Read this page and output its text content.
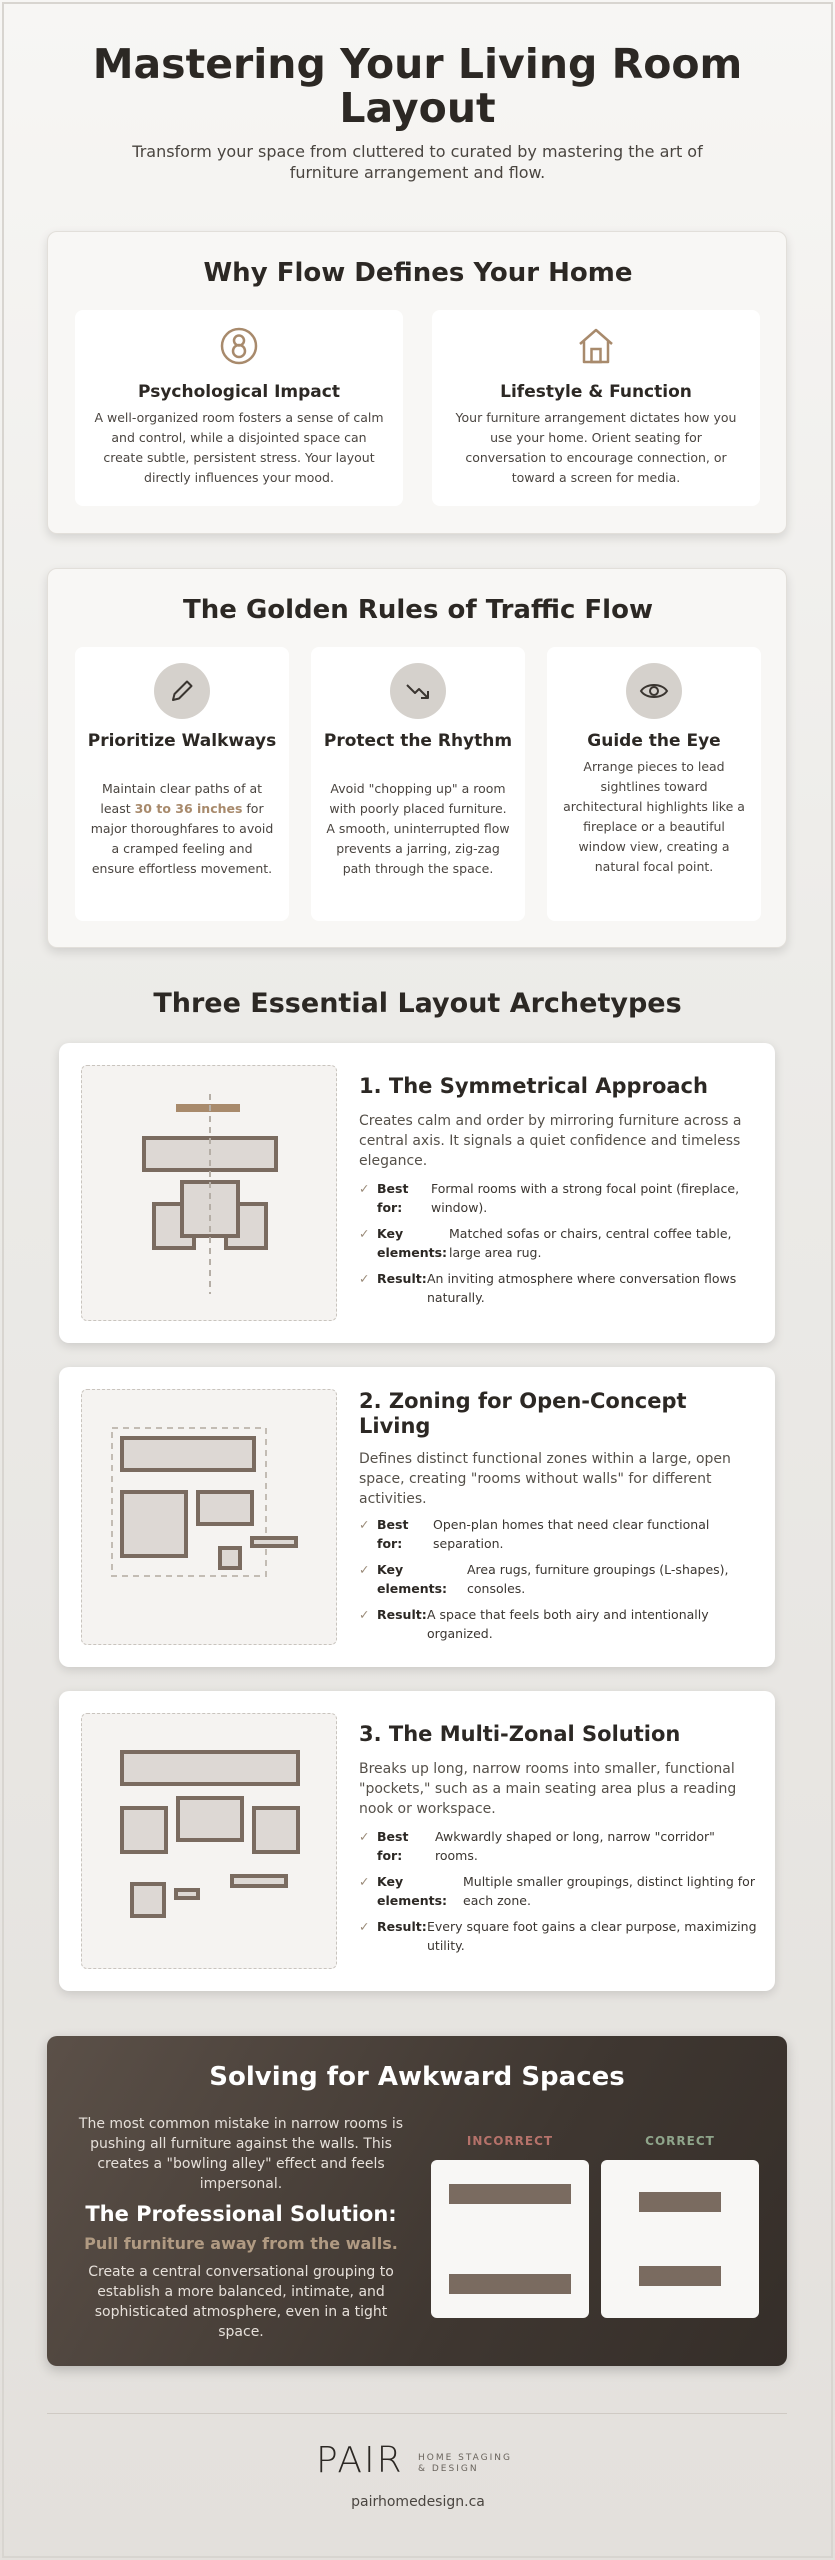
Mastering Your Living Room Layout

Transform your space from cluttered to curated by mastering the art of furniture arrangement and flow.

Why Flow Defines Your Home
Psychological Impact

A well-organized room fosters a sense of calm and control, while a disjointed space can create subtle, persistent stress. Your layout directly influences your mood.

Lifestyle & Function

Your furniture arrangement dictates how you use your home. Orient seating for conversation to encourage connection, or toward a screen for media.

The Golden Rules of Traffic Flow
Prioritize Walkways

Maintain clear paths of at least 30 to 36 inches for major thoroughfares to avoid a cramped feeling and ensure effortless movement.

Protect the Rhythm

Avoid "chopping up" a room with poorly placed furniture. A smooth, uninterrupted flow prevents a jarring, zig-zag path through the space.

Guide the Eye

Arrange pieces to lead sightlines toward architectural highlights like a fireplace or a beautiful window view, creating a natural focal point.

Three Essential Layout Archetypes
1. The Symmetrical Approach

Creates calm and order by mirroring furniture across a central axis. It signals a quiet confidence and timeless elegance.

✓ Best for:
Formal rooms with a strong focal point (fireplace, window).
✓ Key elements:
Matched sofas or chairs, central coffee table, large area rug.
✓ Result: An inviting atmosphere where conversation flows naturally.
2. Zoning for Open-Concept Living

Defines distinct functional zones within a large, open space, creating "rooms without walls" for different activities.

✓ Best for:
Open-plan homes that need clear functional separation.
✓ Key elements:
Area rugs, furniture groupings (L-shapes), consoles.
✓ Result: A space that feels both airy and intentionally organized.
3. The Multi-Zonal Solution

Breaks up long, narrow rooms into smaller, functional "pockets," such as a main seating area plus a reading nook or workspace.

✓ Best for:
Awkwardly shaped or long, narrow "corridor" rooms.
✓ Key elements:
Multiple smaller groupings, distinct lighting for each zone.
✓ Result: Every square foot gains a clear purpose, maximizing utility.
Solving for Awkward Spaces

The most common mistake in narrow rooms is pushing all furniture against the walls. This creates a "bowling alley" effect and feels impersonal.

The Professional Solution:

Pull furniture away from the walls.

Create a central conversational grouping to establish a more balanced, intimate, and sophisticated atmosphere, even in a tight space.

INCORRECT	CORRECT
PAIR HOME STAGING
& DESIGN
pairhomedesign.ca
